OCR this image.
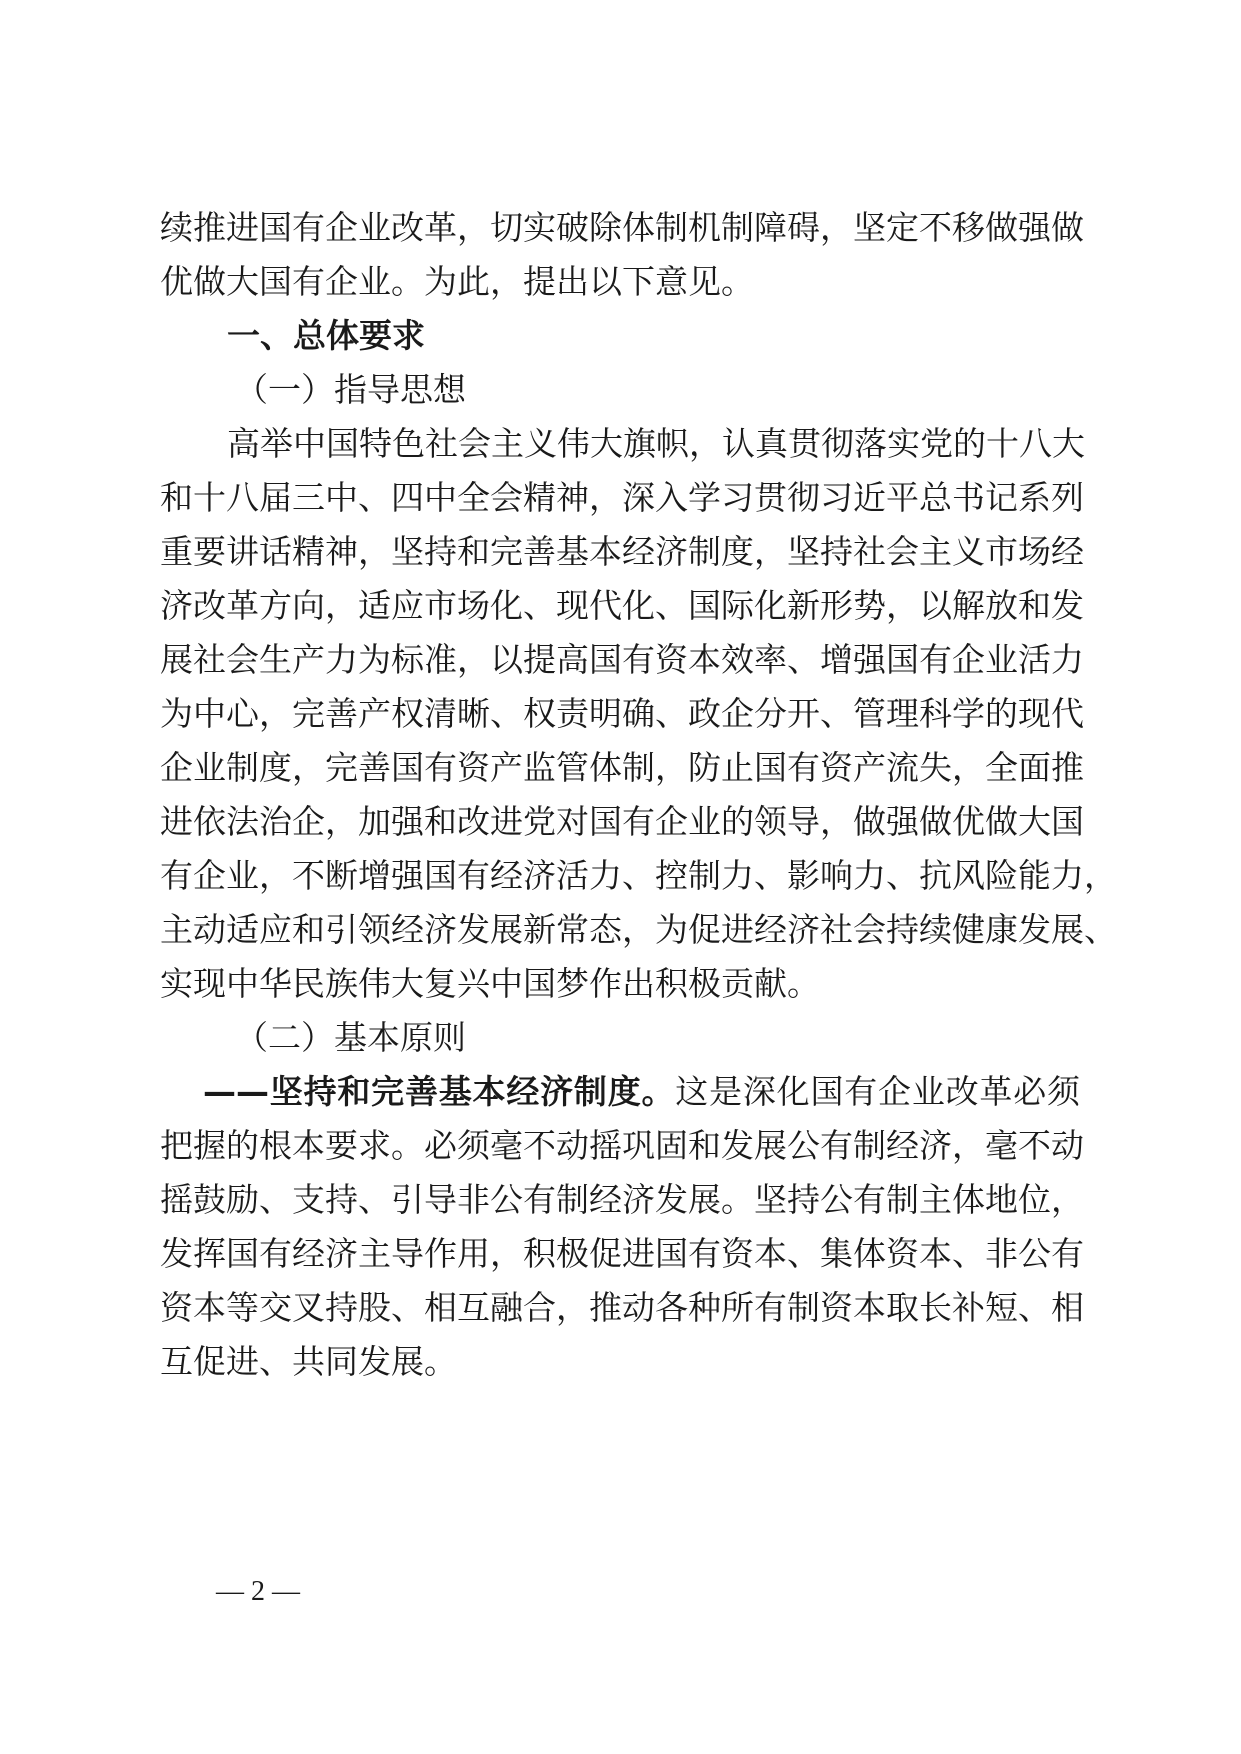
续推进国有企业改革，切实破除体制机制障碍，坚定不移做强做
优做大国有企业。为此，提出以下意见。
一、总体要求
（一）指导思想
高举中国特色社会主义伟大旗帜，认真贯彻落实党的十八大
和十八届三中、四中全会精神，深入学习贯彻习近平总书记系列
重要讲话精神，坚持和完善基本经济制度，坚持社会主义市场经
济改革方向，适应市场化、现代化、国际化新形势，以解放和发
展社会生产力为标准，以提高国有资本效率、增强国有企业活力
为中心，完善产权清晰、权责明确、政企分开、管理科学的现代
企业制度，完善国有资产监管体制，防止国有资产流失，全面推
进依法治企，加强和改进党对国有企业的领导，做强做优做大国
有企业，不断增强国有经济活力、控制力、影响力、抗风险能力，
主动适应和引领经济发展新常态，为促进经济社会持续健康发展、
实现中华民族伟大复兴中国梦作出积极贡献。
（二）基本原则
——坚持和完善基本经济制度。这是深化国有企业改革必须
把握的根本要求。必须毫不动摇巩固和发展公有制经济，毫不动
摇鼓励、支持、引导非公有制经济发展。坚持公有制主体地位，
发挥国有经济主导作用，积极促进国有资本、集体资本、非公有
资本等交叉持股、相互融合，推动各种所有制资本取长补短、相
互促进、共同发展。
— 2 —
